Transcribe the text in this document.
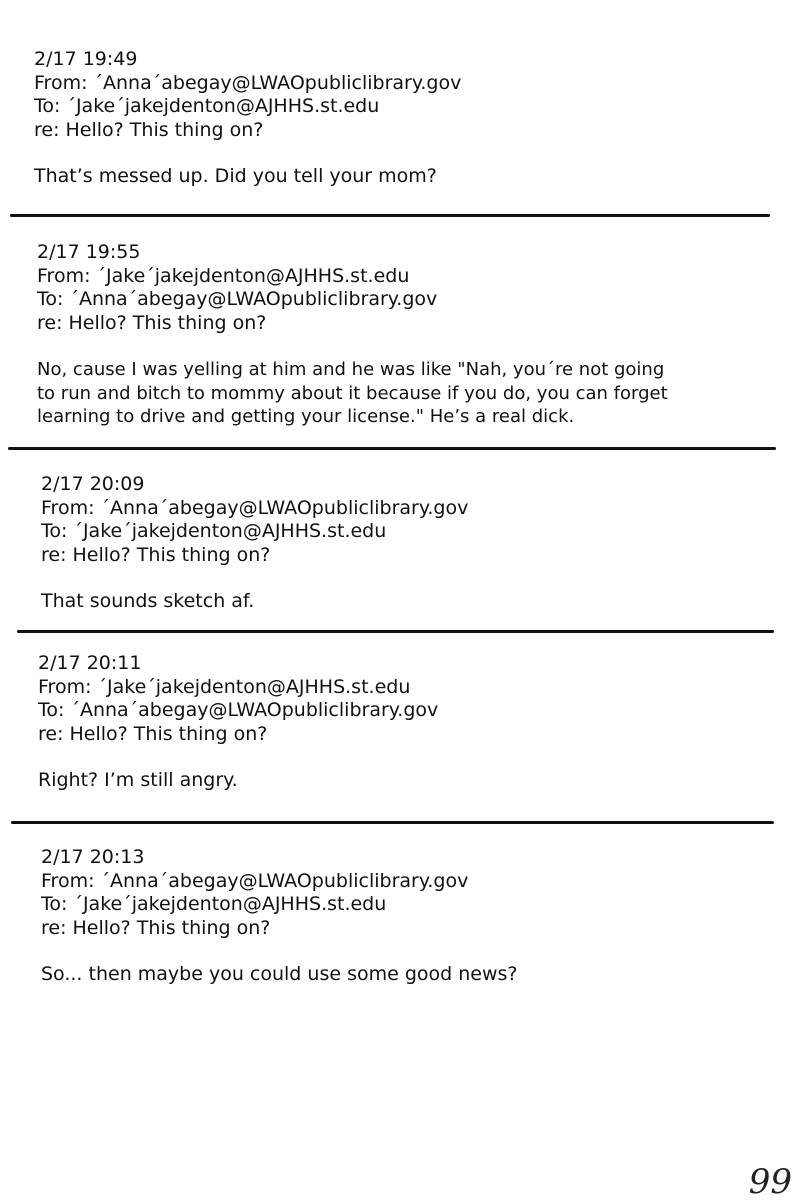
2/17 19:49
From: ´Anna´abegay@LWAOpubliclibrary.gov
To: ´Jake´jakejdenton@AJHHS.st.edu
re: Hello? This thing on?
That’s messed up. Did you tell your mom?
2/17 19:55
From: ´Jake´jakejdenton@AJHHS.st.edu
To: ´Anna´abegay@LWAOpubliclibrary.gov
re: Hello? This thing on?
No, cause I was yelling at him and he was like "Nah, you´re not going
to run and bitch to mommy about it because if you do, you can forget
learning to drive and getting your license." He’s a real dick.
2/17 20:09
From: ´Anna´abegay@LWAOpubliclibrary.gov
To: ´Jake´jakejdenton@AJHHS.st.edu
re: Hello? This thing on?
That sounds sketch af.
2/17 20:11
From: ´Jake´jakejdenton@AJHHS.st.edu
To: ´Anna´abegay@LWAOpubliclibrary.gov
re: Hello? This thing on?
Right? I’m still angry.
2/17 20:13
From: ´Anna´abegay@LWAOpubliclibrary.gov
To: ´Jake´jakejdenton@AJHHS.st.edu
re: Hello? This thing on?
So... then maybe you could use some good news?
99
